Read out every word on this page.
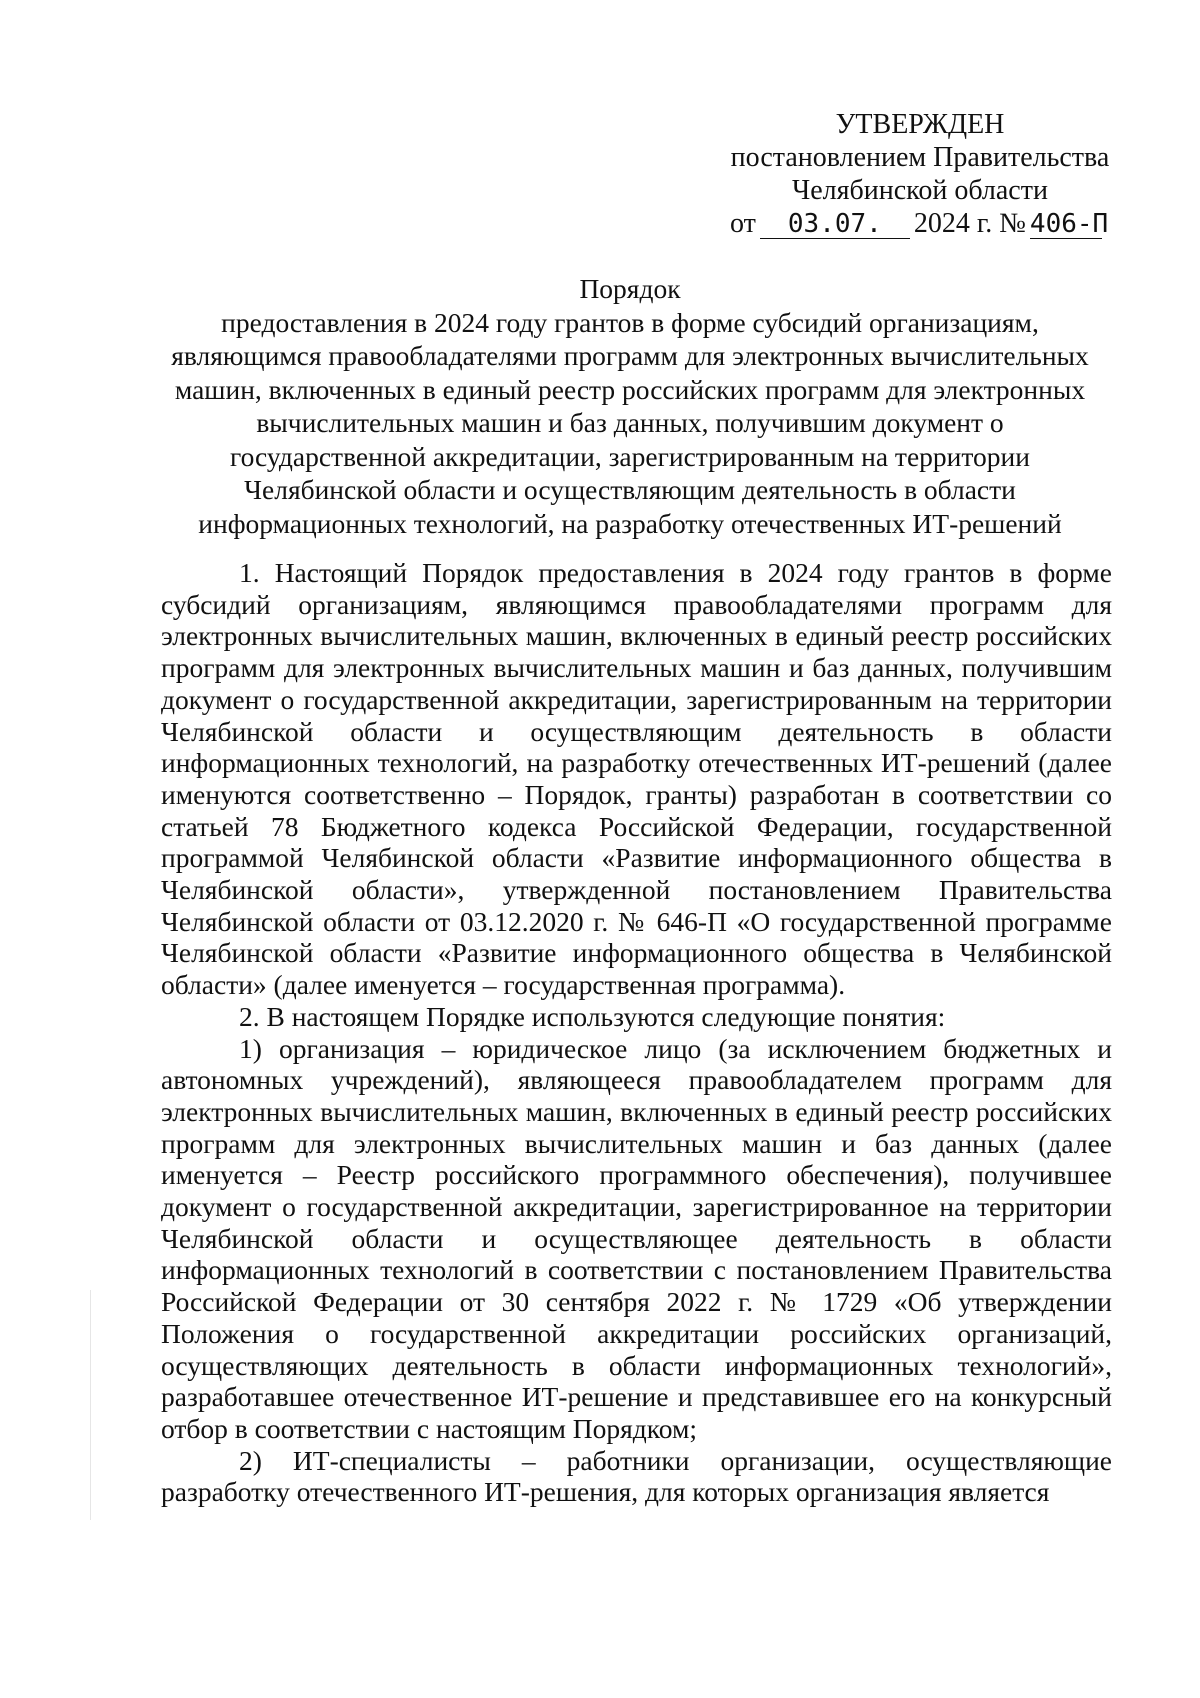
УТВЕРЖДЕН
постановлением Правительства
Челябинской области
от 03.07. 2024 г. № 406-П
Порядок
предоставления в 2024 году грантов в форме субсидий организациям,
являющимся правообладателями программ для электронных вычислительных
машин, включенных в единый реестр российских программ для электронных
вычислительных машин и баз данных, получившим документ о
государственной аккредитации, зарегистрированным на территории
Челябинской области и осуществляющим деятельность в области
информационных технологий, на разработку отечественных ИТ-решений

1. Настоящий Порядок предоставления в 2024 году грантов в форме субсидий организациям, являющимся правообладателями программ для электронных вычислительных машин, включенных в единый реестр российских программ для электронных вычислительных машин и баз данных, получившим документ о государственной аккредитации, зарегистрированным на территории Челябинской области и осуществляющим деятельность в области информационных технологий, на разработку отечественных ИТ-решений (далее именуются соответственно – Порядок, гранты) разработан в соответствии со статьей 78 Бюджетного кодекса Российской Федерации, государственной программой Челябинской области «Развитие информационного общества в Челябинской области», утвержденной постановлением Правительства Челябинской области от 03.12.2020 г. № 646-П «О государственной программе Челябинской области «Развитие информационного общества в Челябинской области» (далее именуется – государственная программа).

2. В настоящем Порядке используются следующие понятия:

1) организация – юридическое лицо (за исключением бюджетных и автономных учреждений), являющееся правообладателем программ для электронных вычислительных машин, включенных в единый реестр российских программ для электронных вычислительных машин и баз данных (далее именуется – Реестр российского программного обеспечения), получившее документ о государственной аккредитации, зарегистрированное на территории Челябинской области и осуществляющее деятельность в области информационных технологий в соответствии с постановлением Правительства Российской Федерации от 30 сентября 2022 г. № 1729 «Об утверждении Положения о государственной аккредитации российских организаций, осуществляющих деятельность в области информационных технологий», разработавшее отечественное ИТ-решение и представившее его на конкурсный отбор в соответствии с настоящим Порядком;

2) ИТ-специалисты – работники организации, осуществляющие разработку отечественного ИТ-решения, для которых организация является
